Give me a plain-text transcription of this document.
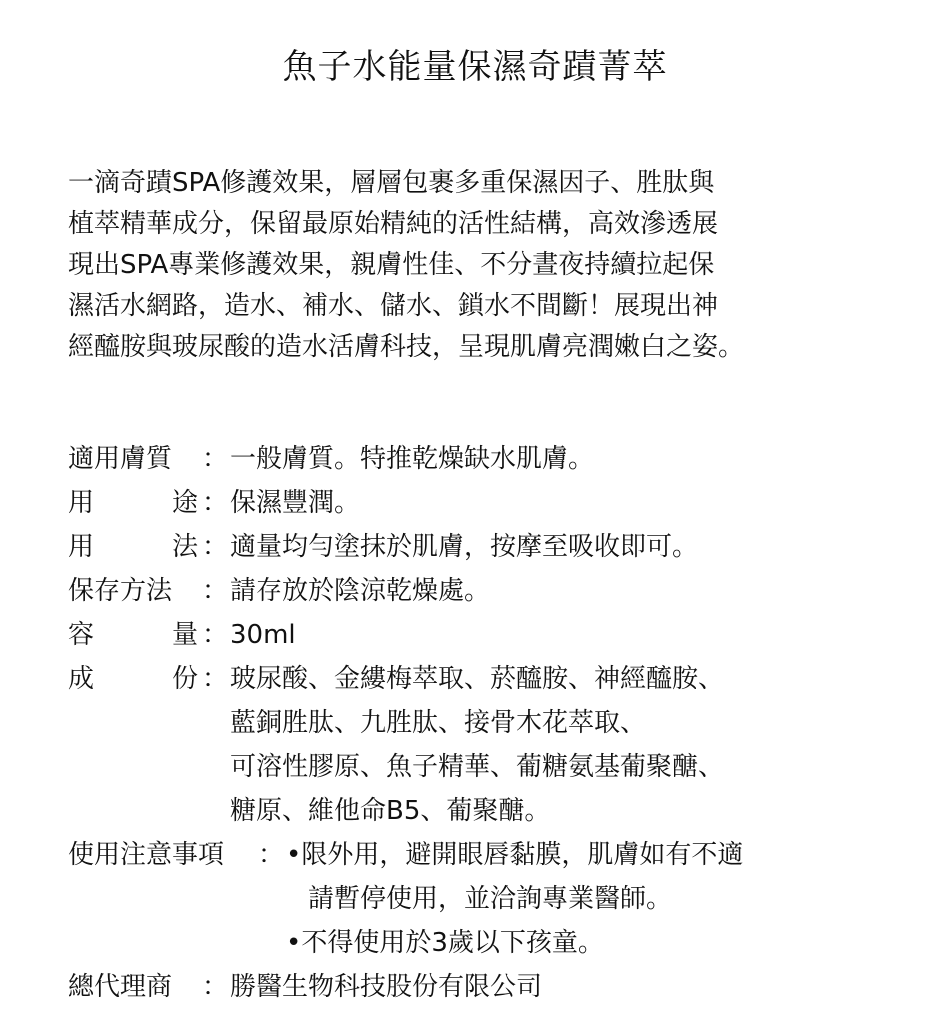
魚子水能量保濕奇蹟菁萃
一滴奇蹟SPA修護效果，層層包裹多重保濕因子、胜肽與
植萃精華成分，保留最原始精純的活性結構，高效滲透展
現出SPA專業修護效果，親膚性佳、不分晝夜持續拉起保
濕活水網路，造水、補水、儲水、鎖水不間斷！展現出神
經醯胺與玻尿酸的造水活膚科技，呈現肌膚亮潤嫩白之姿。
適用膚質 ： 一般膚質。特推乾燥缺水肌膚。
用	途 ： 保濕豐潤。
用	法 ： 適量均勻塗抹於肌膚，按摩至吸收即可。
保存方法 ： 請存放於陰涼乾燥處。
容	量 ： 30ml
成	份 ： 玻尿酸、金縷梅萃取、菸醯胺、神經醯胺、
藍銅胜肽、九胜肽、接骨木花萃取、
可溶性膠原、魚子精華、葡糖氨基葡聚醣、
糖原、維他命B5、葡聚醣。
使用注意事項 ： •限外用，避開眼唇黏膜，肌膚如有不適
請暫停使用，並洽詢專業醫師。
•不得使用於3歲以下孩童。
總代理商 ： 勝醫生物科技股份有限公司
